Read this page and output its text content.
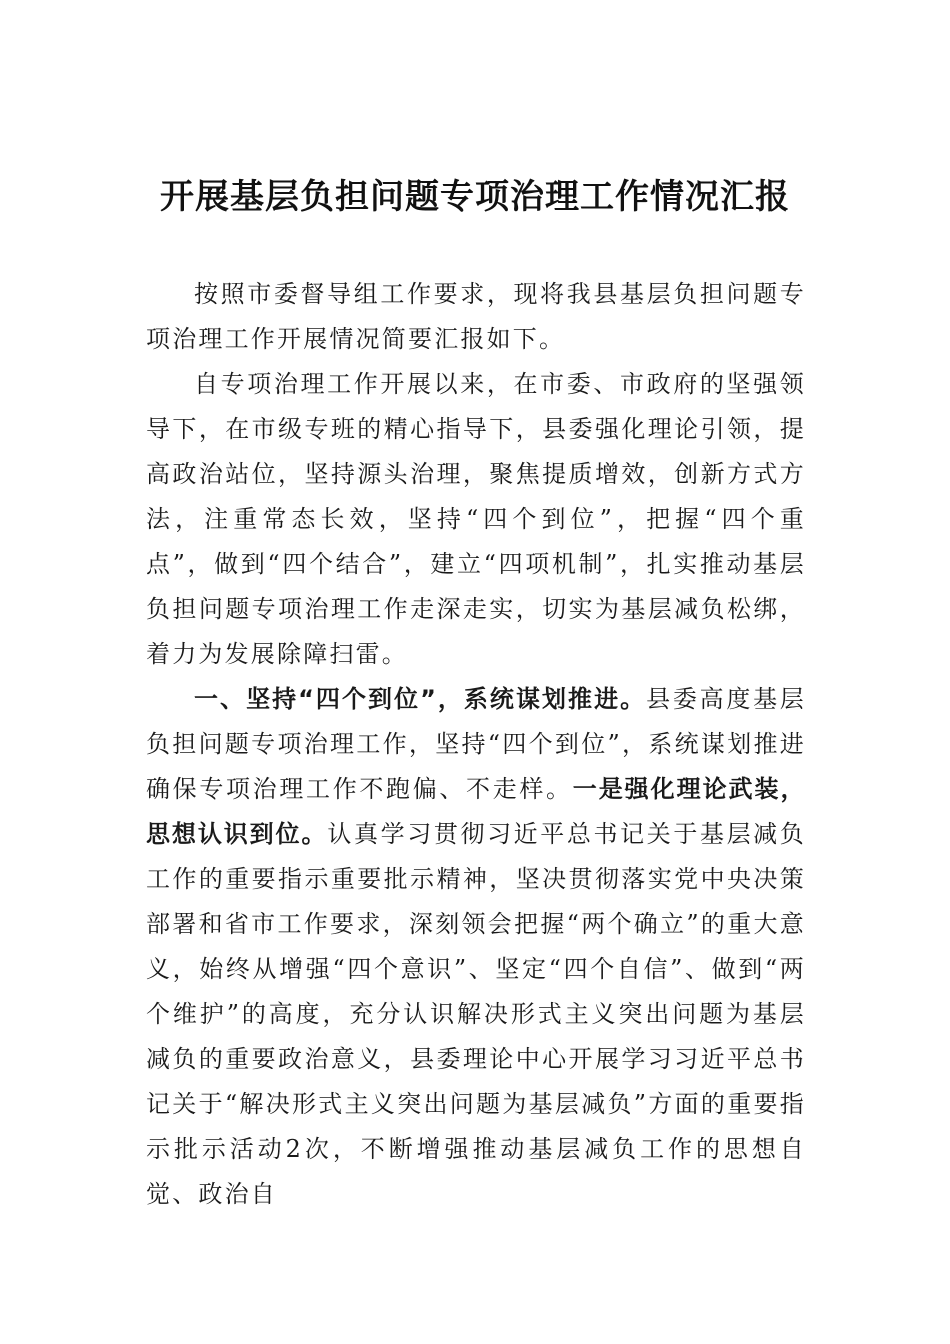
开展基层负担问题专项治理工作情况汇报

按照市委督导组工作要求，现将我县基层负担问题专项治理工作开展情况简要汇报如下。

自专项治理工作开展以来，在市委、市政府的坚强领导下，在市级专班的精心指导下，县委强化理论引领，提高政治站位，坚持源头治理，聚焦提质增效，创新方式方法，注重常态长效，坚持“四个到位”，把握“四个重点”，做到“四个结合”，建立“四项机制”，扎实推动基层负担问题专项治理工作走深走实，切实为基层减负松绑，着力为发展除障扫雷。

一、坚持“四个到位”，系统谋划推进。县委高度基层负担问题专项治理工作，坚持“四个到位”，系统谋划推进确保专项治理工作不跑偏、不走样。一是强化理论武装，思想认识到位。认真学习贯彻习近平总书记关于基层减负工作的重要指示重要批示精神，坚决贯彻落实党中央决策部署和省市工作要求，深刻领会把握“两个确立”的重大意义，始终从增强“四个意识”、坚定“四个自信”、做到“两个维护”的高度，充分认识解决形式主义突出问题为基层减负的重要政治意义，县委理论中心开展学习习近平总书记关于“解决形式主义突出问题为基层减负”方面的重要指示批示活动2次，不断增强推动基层减负工作的思想自觉、政治自
